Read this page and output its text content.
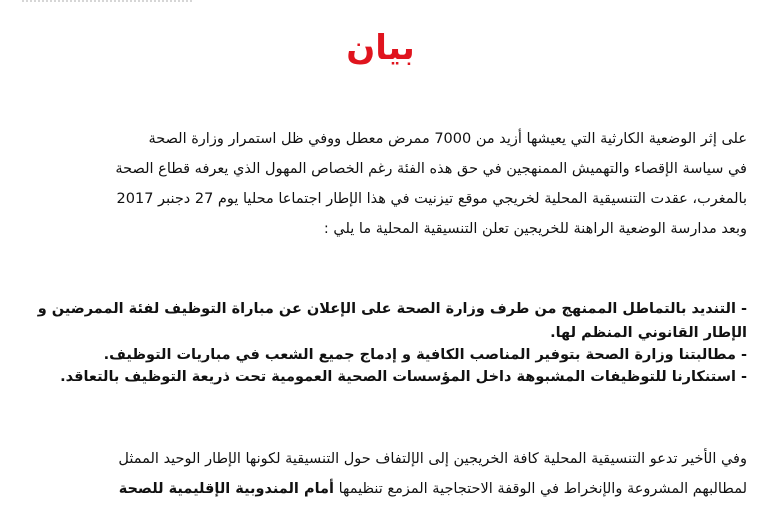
بيان
على إثر الوضعية الكارثية التي يعيشها أزيد من 7000 ممرض معطل ووفي ظل استمرار وزارة الصحة
في سياسة الإقصاء والتهميش الممنهجين في حق هذه الفئة رغم الخصاص المهول الذي يعرفه قطاع الصحة
بالمغرب، عقدت التنسيقية المحلية لخريجي موقع تيزنيت في هذا الإطار اجتماعا محليا يوم 27 دجنبر 2017
وبعد مدارسة الوضعية الراهنة للخريجين تعلن التنسيقية المحلية ما يلي :
- التنديد بالتماطل الممنهج من طرف وزارة الصحة على الإعلان عن مباراة التوظيف لفئة الممرضين و
الإطار القانوني المنظم لها.
- مطالبتنا وزارة الصحة بتوفير المناصب الكافية و إدماج جميع الشعب في مباريات التوظيف.
- استنكارنا للتوظيفات المشبوهة داخل المؤسسات الصحية العمومية تحت ذريعة التوظيف بالتعاقد.
وفي الأخير تدعو التنسيقية المحلية كافة الخريجين إلى الإلتفاف حول التنسيقية لكونها الإطار الوحيد الممثل
لمطالبهم المشروعة والإنخراط في الوقفة الاحتجاجية المزمع تنظيمها أمام المندوبية الإقليمية للصحة
